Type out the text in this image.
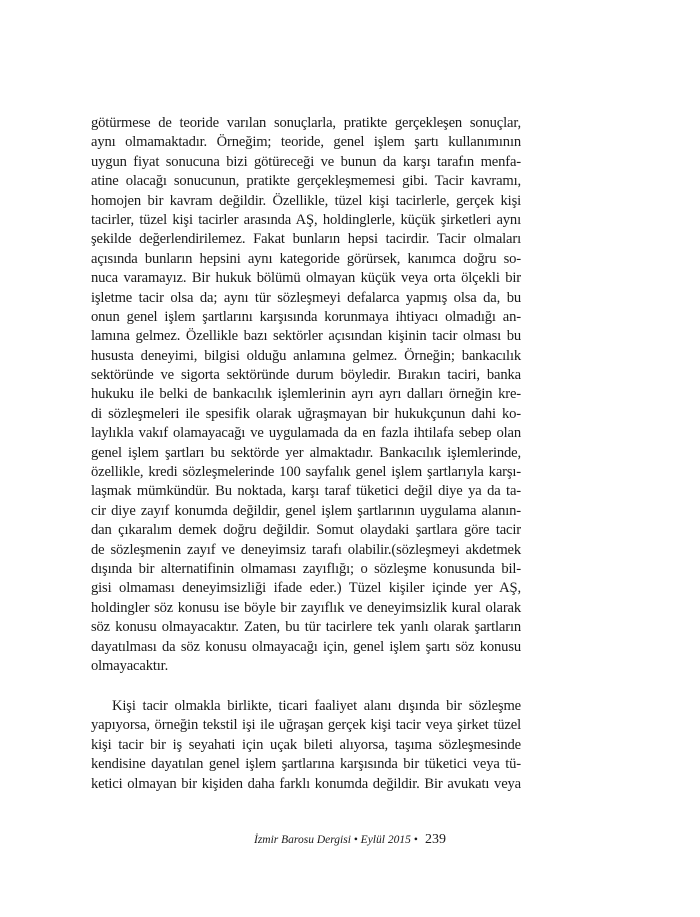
götürmese de teoride varılan sonuçlarla, pratikte gerçekleşen sonuçlar,
aynı olmamaktadır. Örneğim; teoride, genel işlem şartı kullanımının
uygun fiyat sonucuna bizi götüreceği ve bunun da karşı tarafın menfa-
atine olacağı sonucunun, pratikte gerçekleşmemesi gibi. Tacir kavramı,
homojen bir kavram değildir. Özellikle, tüzel kişi tacirlerle, gerçek kişi
tacirler, tüzel kişi tacirler arasında AŞ, holdinglerle, küçük şirketleri aynı
şekilde değerlendirilemez. Fakat bunların hepsi tacirdir. Tacir olmaları
açısında bunların hepsini aynı kategoride görürsek, kanımca doğru so-
nuca varamayız. Bir hukuk bölümü olmayan küçük veya orta ölçekli bir
işletme tacir olsa da; aynı tür sözleşmeyi defalarca yapmış olsa da, bu
onun genel işlem şartlarını karşısında korunmaya ihtiyacı olmadığı an-
lamına gelmez. Özellikle bazı sektörler açısından kişinin tacir olması bu
hususta deneyimi, bilgisi olduğu anlamına gelmez. Örneğin; bankacılık
sektöründe ve sigorta sektöründe durum böyledir. Bırakın taciri, banka
hukuku ile belki de bankacılık işlemlerinin ayrı ayrı dalları örneğin kre-
di sözleşmeleri ile spesifik olarak uğraşmayan bir hukukçunun dahi ko-
laylıkla vakıf olamayacağı ve uygulamada da en fazla ihtilafa sebep olan
genel işlem şartları bu sektörde yer almaktadır. Bankacılık işlemlerinde,
özellikle, kredi sözleşmelerinde 100 sayfalık genel işlem şartlarıyla karşı-
laşmak mümkündür. Bu noktada, karşı taraf tüketici değil diye ya da ta-
cir diye zayıf konumda değildir, genel işlem şartlarının uygulama alanın-
dan çıkaralım demek doğru değildir. Somut olaydaki şartlara göre tacir
de sözleşmenin zayıf ve deneyimsiz tarafı olabilir.(sözleşmeyi akdetmek
dışında bir alternatifinin olmaması zayıflığı; o sözleşme konusunda bil-
gisi olmaması deneyimsizliği ifade eder.) Tüzel kişiler içinde yer AŞ,
holdingler söz konusu ise böyle bir zayıflık ve deneyimsizlik kural olarak
söz konusu olmayacaktır. Zaten, bu tür tacirlere tek yanlı olarak şartların
dayatılması da söz konusu olmayacağı için, genel işlem şartı söz konusu
olmayacaktır.
Kişi tacir olmakla birlikte, ticari faaliyet alanı dışında bir sözleşme
yapıyorsa, örneğin tekstil işi ile uğraşan gerçek kişi tacir veya şirket tüzel
kişi tacir bir iş seyahati için uçak bileti alıyorsa, taşıma sözleşmesinde
kendisine dayatılan genel işlem şartlarına karşısında bir tüketici veya tü-
ketici olmayan bir kişiden daha farklı konumda değildir. Bir avukatı veya
İzmir Barosu Dergisi • Eylül 2015 • 239
